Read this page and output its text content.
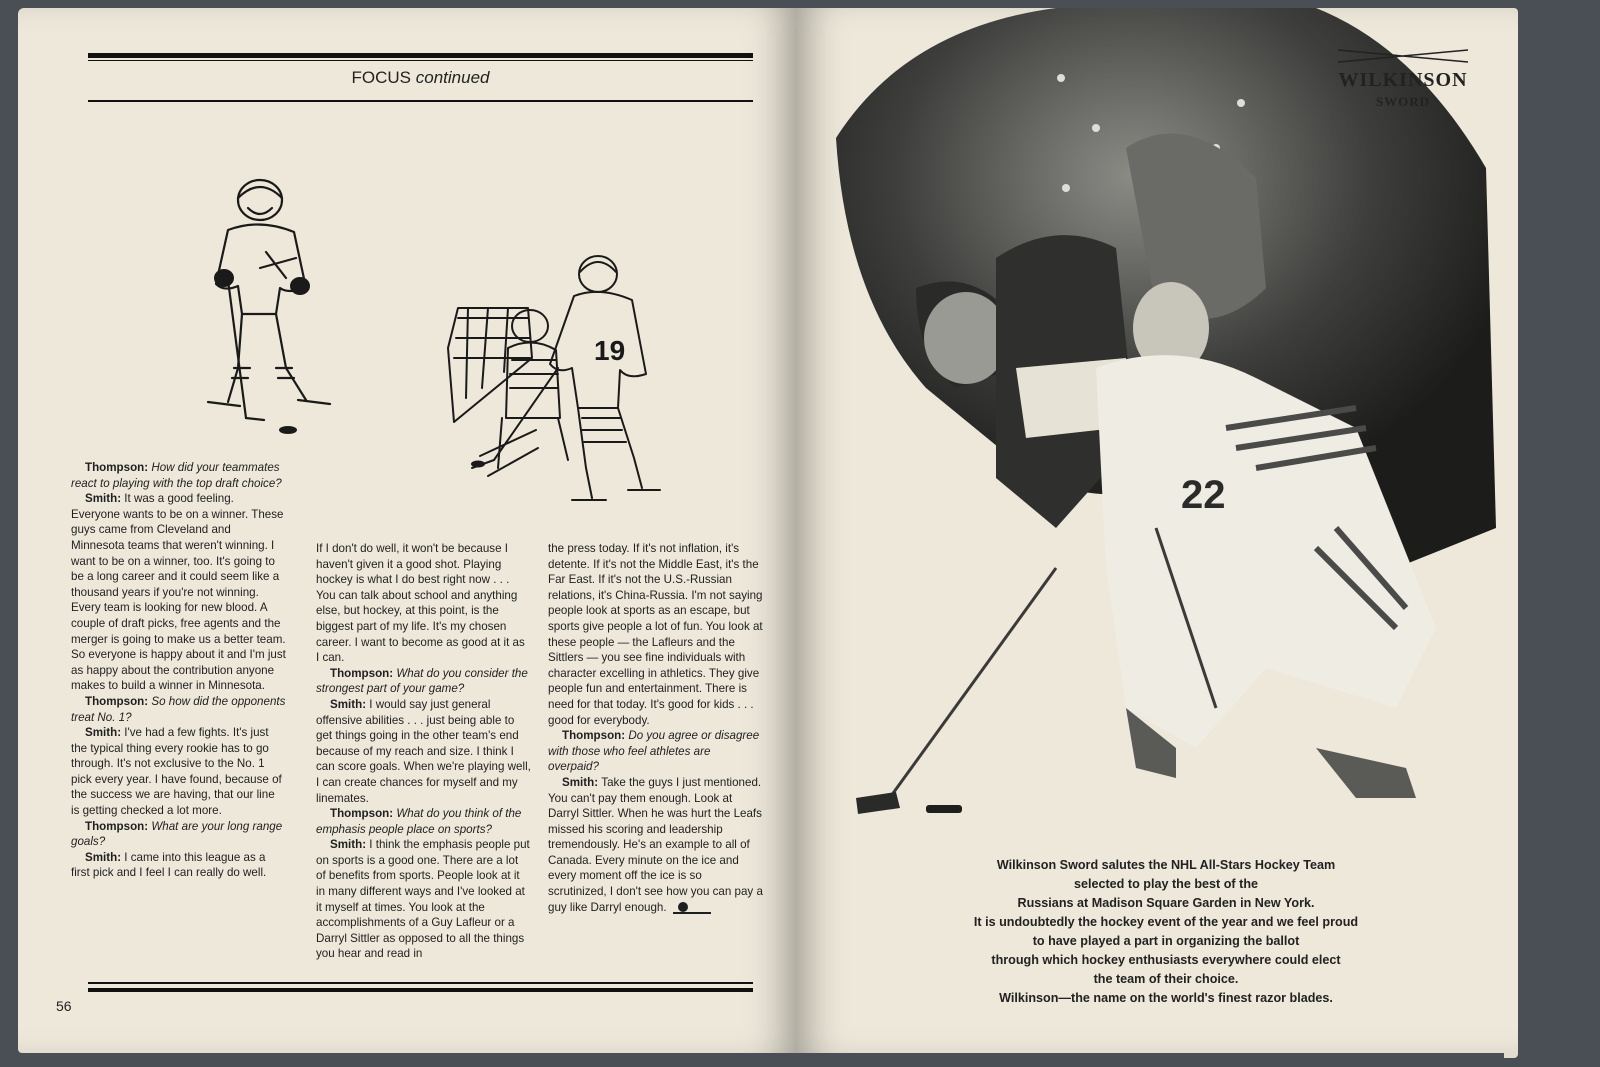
FOCUS continued
19
Thompson: How did your teammates react to playing with the top draft choice?
Smith: It was a good feeling. Everyone wants to be on a winner. These guys came from Cleveland and Minnesota teams that weren't winning. I want to be on a winner, too. It's going to be a long career and it could seem like a thousand years if you're not winning. Every team is looking for new blood. A couple of draft picks, free agents and the merger is going to make us a better team. So everyone is happy about it and I'm just as happy about the contribution anyone makes to build a winner in Minnesota.
Thompson: So how did the opponents treat No. 1?
Smith: I've had a few fights. It's just the typical thing every rookie has to go through. It's not exclusive to the No. 1 pick every year. I have found, because of the success we are having, that our line is getting checked a lot more.
Thompson: What are your long range goals?
Smith: I came into this league as a first pick and I feel I can really do well.
If I don't do well, it won't be because I haven't given it a good shot. Playing hockey is what I do best right now . . . You can talk about school and anything else, but hockey, at this point, is the biggest part of my life. It's my chosen career. I want to become as good at it as I can.
Thompson: What do you consider the strongest part of your game?
Smith: I would say just general offensive abilities . . . just being able to get things going in the other team's end because of my reach and size. I think I can score goals. When we're playing well, I can create chances for myself and my linemates.
Thompson: What do you think of the emphasis people place on sports?
Smith: I think the emphasis people put on sports is a good one. There are a lot of benefits from sports. People look at it in many different ways and I've looked at it myself at times. You look at the accomplishments of a Guy Lafleur or a Darryl Sittler as opposed to all the things you hear and read in
the press today. If it's not inflation, it's detente. If it's not the Middle East, it's the Far East. If it's not the U.S.-Russian relations, it's China-Russia. I'm not saying people look at sports as an escape, but sports give people a lot of fun. You look at these people — the Lafleurs and the Sittlers — you see fine individuals with character excelling in athletics. They give people fun and entertainment. There is need for that today. It's good for kids . . . good for everybody.
Thompson: Do you agree or disagree with those who feel athletes are overpaid?
Smith: Take the guys I just mentioned. You can't pay them enough. Look at Darryl Sittler. When he was hurt the Leafs missed his scoring and leadership tremendously. He's an example to all of Canada. Every minute on the ice and every moment off the ice is so scrutinized, I don't see how you can pay a guy like Darryl enough.
56
22
WILKINSON
SWORD
Wilkinson Sword salutes the NHL All-Stars Hockey Team
selected to play the best of the
Russians at Madison Square Garden in New York.
It is undoubtedly the hockey event of the year and we feel proud
to have played a part in organizing the ballot
through which hockey enthusiasts everywhere could elect
the team of their choice.
Wilkinson—the name on the world's finest razor blades.
